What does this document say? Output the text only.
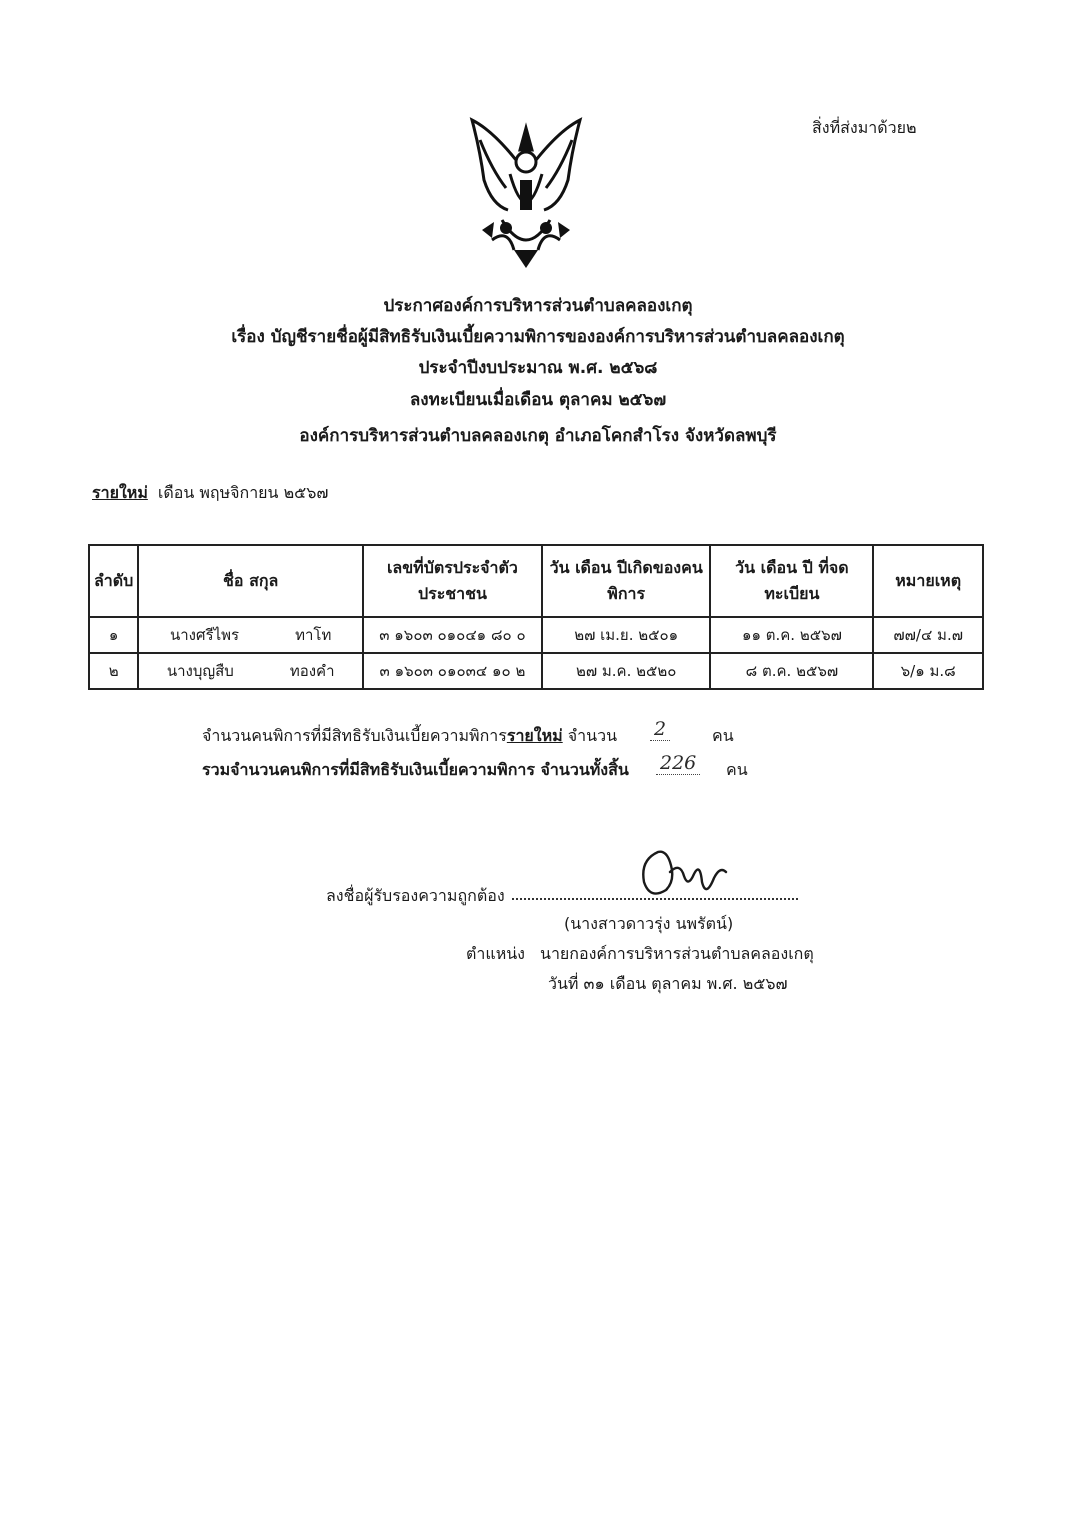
สิ่งที่ส่งมาด้วย๒
ประกาศองค์การบริหารส่วนตำบลคลองเกตุ
เรื่อง บัญชีรายชื่อผู้มีสิทธิรับเงินเบี้ยความพิการขององค์การบริหารส่วนตำบลคลองเกตุ
ประจำปีงบประมาณ พ.ศ. ๒๕๖๘
ลงทะเบียนเมื่อเดือน ตุลาคม ๒๕๖๗
องค์การบริหารส่วนตำบลคลองเกตุ อำเภอโคกสำโรง จังหวัดลพบุรี
รายใหม่ เดือน พฤษจิกายน ๒๕๖๗
ลำดับ	ชื่อ สกุล	เลขที่บัตรประจำตัวประชาชน	วัน เดือน ปีเกิดของคนพิการ	วัน เดือน ปี ที่จดทะเบียน	หมายเหตุ
๑	นางศรีไพร ทาโท	๓ ๑๖๐๓ ๐๑๐๔๑ ๘๐ ๐	๒๗ เม.ย. ๒๕๐๑	๑๑ ต.ค. ๒๕๖๗	๗๗/๔ ม.๗
๒	นางบุญสืบ ทองคำ	๓ ๑๖๐๓ ๐๑๐๓๔ ๑๐ ๒	๒๗ ม.ค. ๒๕๒๐	๘ ต.ค. ๒๕๖๗	๖/๑ ม.๘
จำนวนคนพิการที่มีสิทธิรับเงินเบี้ยความพิการรายใหม่ จำนวน 2	คน
รวมจำนวนคนพิการที่มีสิทธิรับเงินเบี้ยความพิการ จำนวนทั้งสิ้น 226 คน
ลงชื่อผู้รับรองความถูกต้อง
(นางสาวดาวรุ่ง นพรัตน์)
ตำแหน่ง นายกองค์การบริหารส่วนตำบลคลองเกตุ
วันที่ ๓๑ เดือน ตุลาคม พ.ศ. ๒๕๖๗
